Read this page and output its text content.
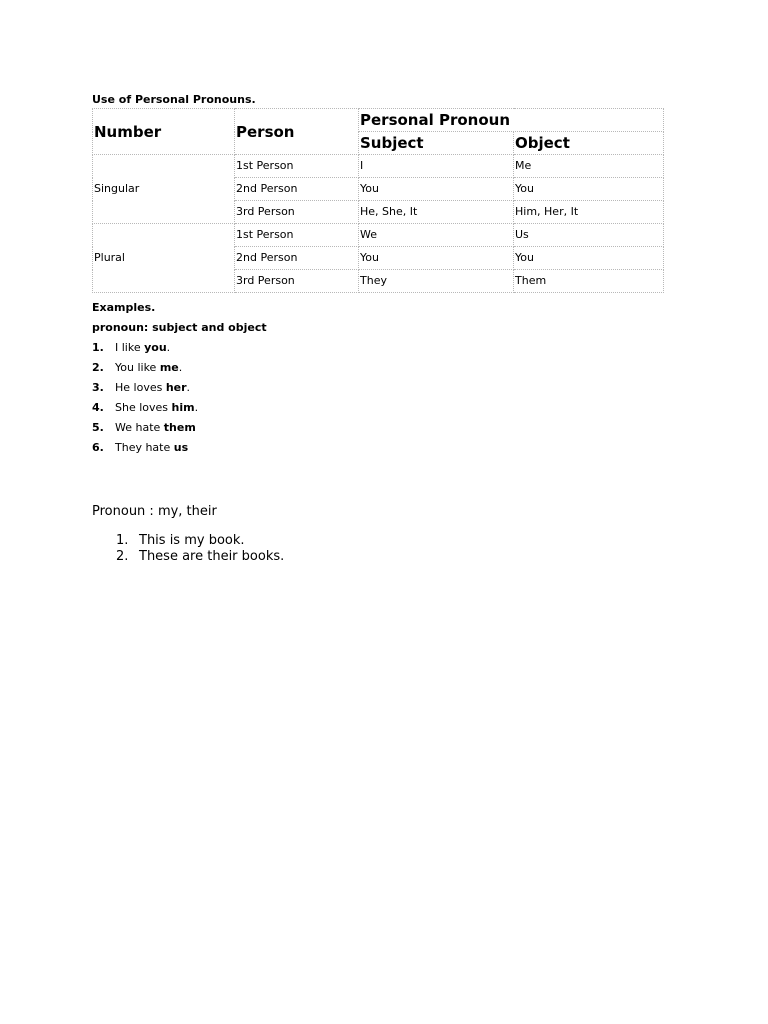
Use of Personal Pronouns.
Number	Person	Personal Pronoun	
		Subject	Object
Singular	1st Person	I	Me
	2nd Person	You	You
	3rd Person	He, She, It	Him, Her, It
Plural	1st Person	We	Us
	2nd Person	You	You
	3rd Person	They	Them
Examples.
pronoun: subject and object
1. I like you.
2. You like me.
3. He loves her.
4. She loves him.
5. We hate them
6. They hate us
Pronoun : my, their
1. This is my book.
2. These are their books.
